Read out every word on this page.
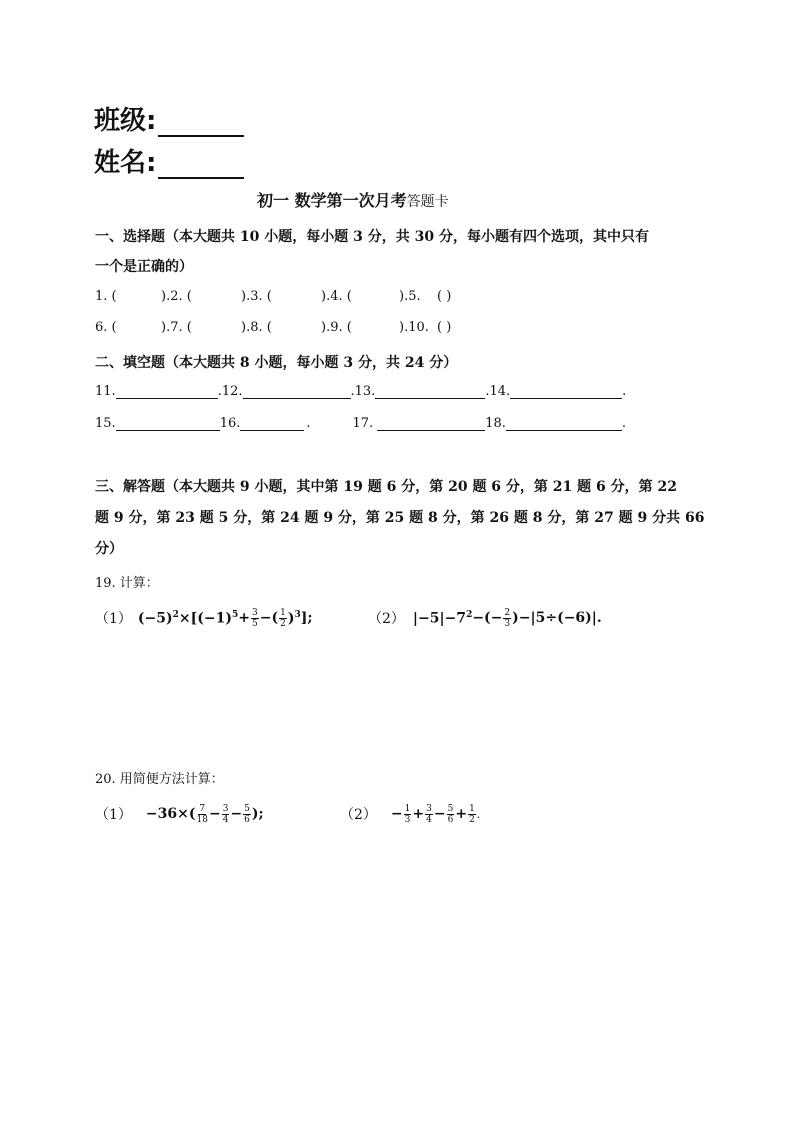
班级:
姓名:
初一 数学第一次月考答题卡
一、选择题（本大题共 10 小题，每小题 3 分，共 30 分，每小题有四个选项，其中只有
一个是正确的）
1. (	).2. (	).3. (	).4. (	).5. ( )
6. (	).7. (	).8. (	).9. (	).10. ( )
二、填空题（本大题共 8 小题，每小题 3 分，共 24 分）
11.	.12.	.13.	.14.	.
15.	16.	.	17.	18.	.
三、解答题（本大题共 9 小题，其中第 19 题 6 分，第 20 题 6 分，第 21 题 6 分，第 22
题 9 分，第 23 题 5 分，第 24 题 9 分，第 25 题 8 分，第 26 题 8 分，第 27 题 9 分共 66
分）
19. 计算：
（1） $(-5)^2 \times[(-1)^5 + \frac{3}{5}$ −( $\frac{1}{2} )^3$ ];	（2） $|-5|-7^2$ −(− $\frac{2}{3} )-|5\div(-6)|$.
20. 用简便方法计算：
$(1) -36\times( \frac{7}{18} - \frac{3}{4} - \frac{5}{6}$ );	$(2) - \frac{1}{3} + \frac{3}{4} - \frac{5}{6} + \frac{1}{2}$ .
